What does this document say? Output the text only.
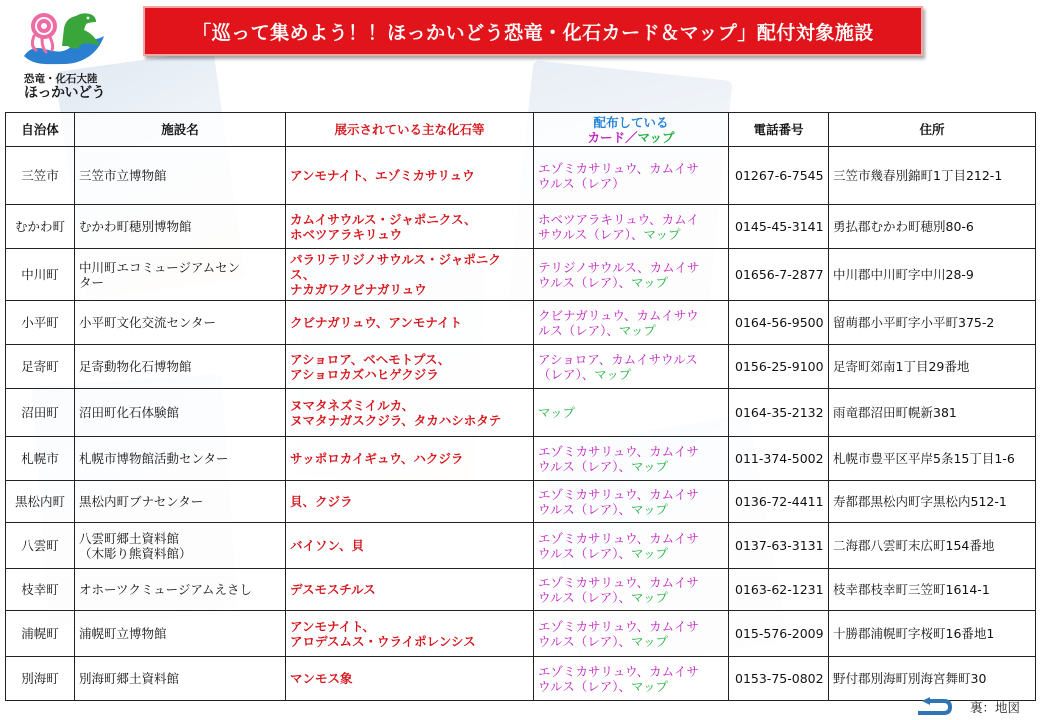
恐竜・化石大陸
ほっかいどう
「巡って集めよう！！ほっかいどう恐竜・化石カード＆マップ」配付対象施設
自治体	施設名	展示されている主な化石等	配布している
カード／マップ	電話番号	住所

三笠市	三笠市立博物館	アンモナイト、エゾミカサリュウ	エゾミカサリュウ、カムイサ
ウルス（レア）	01267-6-7545	三笠市幾春別錦町1丁目212-1

むかわ町	むかわ町穂別博物館	カムイサウルス・ジャポニクス、
ホベツアラキリュウ	ホベツアラキリュウ、カムイ
サウルス（レア）、マップ	0145-45-3141	勇払郡むかわ町穂別80-6

中川町	中川町エコミュージアムセン
ター	パラリテリジノサウルス・ジャポニク
ス、
ナカガワクビナガリュウ	テリジノサウルス、カムイサ
ウルス（レア）、マップ	01656-7-2877	中川郡中川町字中川28-9

小平町	小平町文化交流センター	クビナガリュウ、アンモナイト	クビナガリュウ、カムイサウ
ルス（レア）、マップ	0164-56-9500	留萌郡小平町字小平町375-2

足寄町	足寄動物化石博物館	アショロア、ベヘモトプス、
アショロカズハヒゲクジラ	アショロア、カムイサウルス
（レア）、マップ	0156-25-9100	足寄町郊南1丁目29番地

沼田町	沼田町化石体験館	ヌマタネズミイルカ、
ヌマタナガスクジラ、タカハシホタテ	マップ	0164-35-2132	雨竜郡沼田町幌新381

札幌市	札幌市博物館活動センター	サッポロカイギュウ、ハクジラ	エゾミカサリュウ、カムイサ
ウルス（レア）、マップ	011-374-5002	札幌市豊平区平岸5条15丁目1-6

黒松内町	黒松内町ブナセンター	貝、クジラ	エゾミカサリュウ、カムイサ
ウルス（レア）、マップ	0136-72-4411	寿都郡黒松内町字黒松内512-1

八雲町	八雲町郷土資料館
（木彫り熊資料館）	バイソン、貝	エゾミカサリュウ、カムイサ
ウルス（レア）、マップ	0137-63-3131	二海郡八雲町末広町154番地

枝幸町	オホーツクミュージアムえさし	デスモスチルス	エゾミカサリュウ、カムイサ
ウルス（レア）、マップ	0163-62-1231	枝幸郡枝幸町三笠町1614-1

浦幌町	浦幌町立博物館	アンモナイト、
アロデスムス・ウライポレンシス	エゾミカサリュウ、カムイサ
ウルス（レア）、マップ	015-576-2009	十勝郡浦幌町字桜町16番地1

別海町	別海町郷土資料館	マンモス象	エゾミカサリュウ、カムイサ
ウルス（レア）、マップ	0153-75-0802	野付郡別海町別海宮舞町30
裏：地図
